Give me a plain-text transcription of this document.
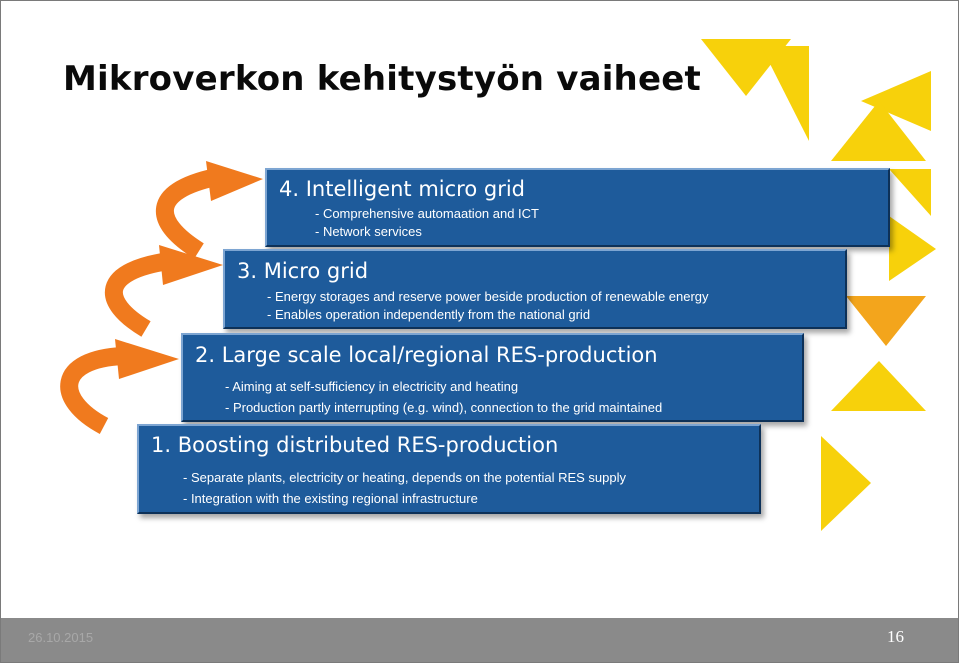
Mikroverkon kehitystyön vaiheet
4. Intelligent micro grid
- Comprehensive automaation and ICT
- Network services
3. Micro grid
- Energy storages and reserve power beside production of renewable energy
- Enables operation independently from the national grid
2. Large scale local/regional RES-production
- Aiming at self-sufficiency in electricity and heating
- Production partly interrupting (e.g. wind), connection to the grid maintained
1. Boosting distributed RES-production
- Separate plants, electricity or heating, depends on the potential RES supply
- Integration with the existing regional infrastructure
26.10.2015	16
